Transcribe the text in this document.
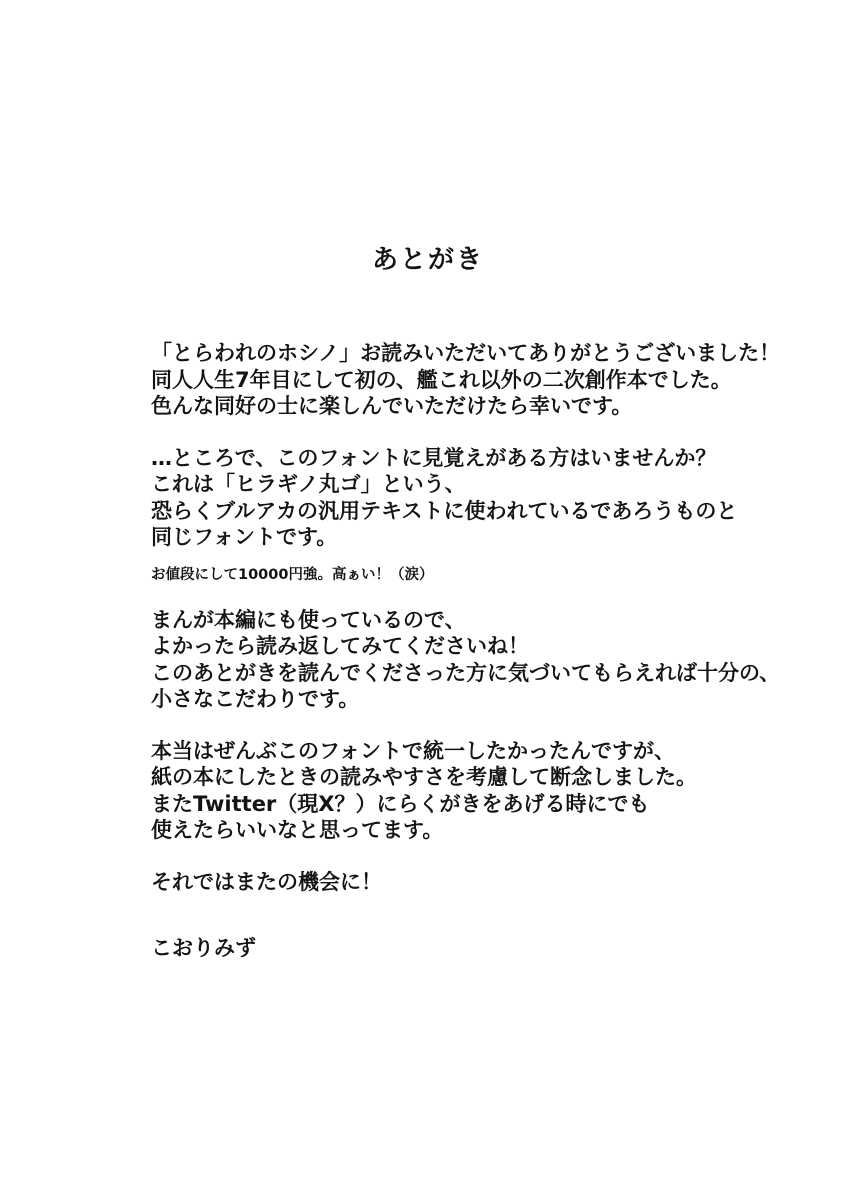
あとがき

「とらわれのホシノ」お読みいただいてありがとうございました！
同人人生7年目にして初の、艦これ以外の二次創作本でした。
色んな同好の士に楽しんでいただけたら幸いです。

…ところで、このフォントに見覚えがある方はいませんか？
これは「ヒラギノ丸ゴ」という、
恐らくブルアカの汎用テキストに使われているであろうものと
同じフォントです。

お値段にして10000円強。高ぁい！（涙）

まんが本編にも使っているので、
よかったら読み返してみてくださいね！
このあとがきを読んでくださった方に気づいてもらえれば十分の、
小さなこだわりです。

本当はぜんぶこのフォントで統一したかったんですが、
紙の本にしたときの読みやすさを考慮して断念しました。
またTwitter（現X？）にらくがきをあげる時にでも
使えたらいいなと思ってます。

それではまたの機会に！

こおりみず
